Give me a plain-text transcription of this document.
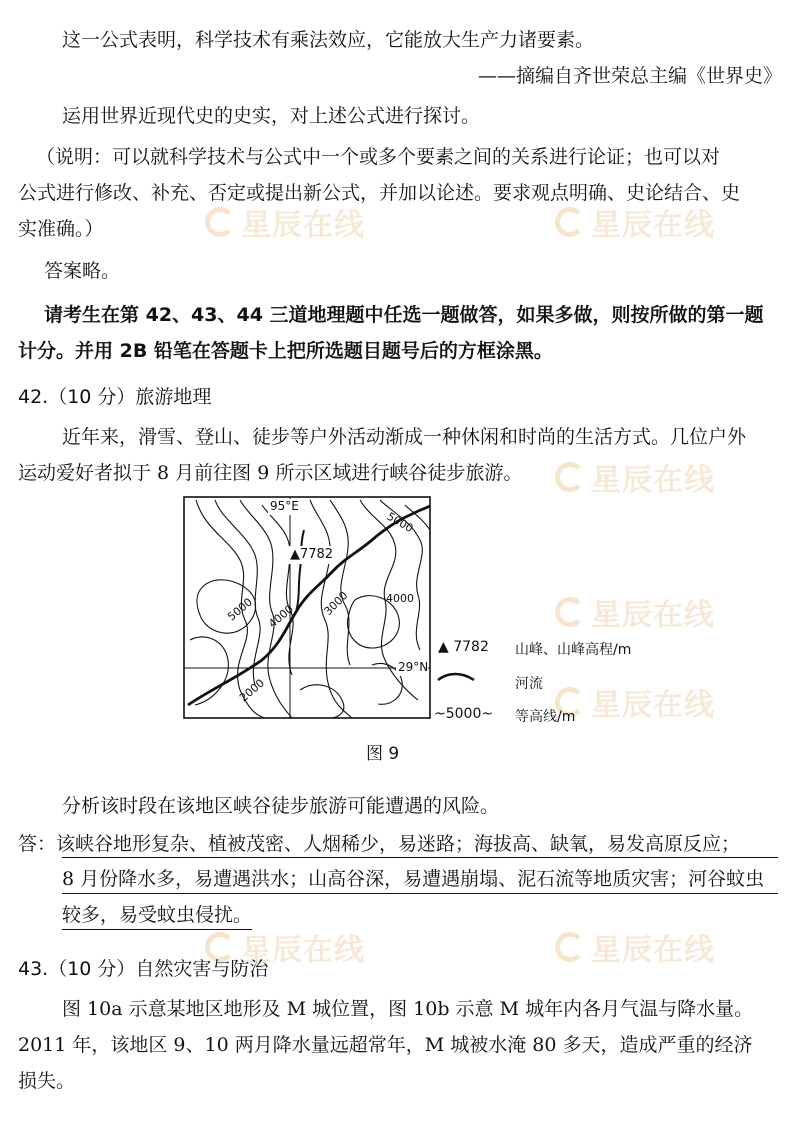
星辰在线	星辰在线
星辰在线
星辰在线
星辰在线	星辰在线
星辰在线
这一公式表明，科学技术有乘法效应，它能放大生产力诸要素。
——摘编自齐世荣总主编《世界史》
运用世界近现代史的史实，对上述公式进行探讨。
（说明：可以就科学技术与公式中一个或多个要素之间的关系进行论证；也可以对
公式进行修改、补充、否定或提出新公式，并加以论述。要求观点明确、史论结合、史
实准确。）
答案略。
请考生在第 42、43、44 三道地理题中任选一题做答，如果多做，则按所做的第一题
计分。并用 2B 铅笔在答题卡上把所选题目题号后的方框涂黑。
42.（10 分）旅游地理
近年来，滑雪、登山、徒步等户外活动渐成一种休闲和时尚的生活方式。几位户外
运动爱好者拟于 8 月前往图 9 所示区域进行峡谷徒步旅游。
95°E
29°N
▲7782
5000
5000 4000 3000	4000
2000
▲ 7782 山峰、山峰高程/m
河流
~5000~ 等高线/m
图 9
分析该时段在该地区峡谷徒步旅游可能遭遇的风险。
答：该峡谷地形复杂、植被茂密、人烟稀少，易迷路；海拔高、缺氧，易发高原反应；
8 月份降水多，易遭遇洪水；山高谷深，易遭遇崩塌、泥石流等地质灾害；河谷蚊虫
较多，易受蚊虫侵扰。
43.（10 分）自然灾害与防治
图 10a 示意某地区地形及 M 城位置，图 10b 示意 M 城年内各月气温与降水量。
2011 年，该地区 9、10 两月降水量远超常年，M 城被水淹 80 多天，造成严重的经济
损失。
